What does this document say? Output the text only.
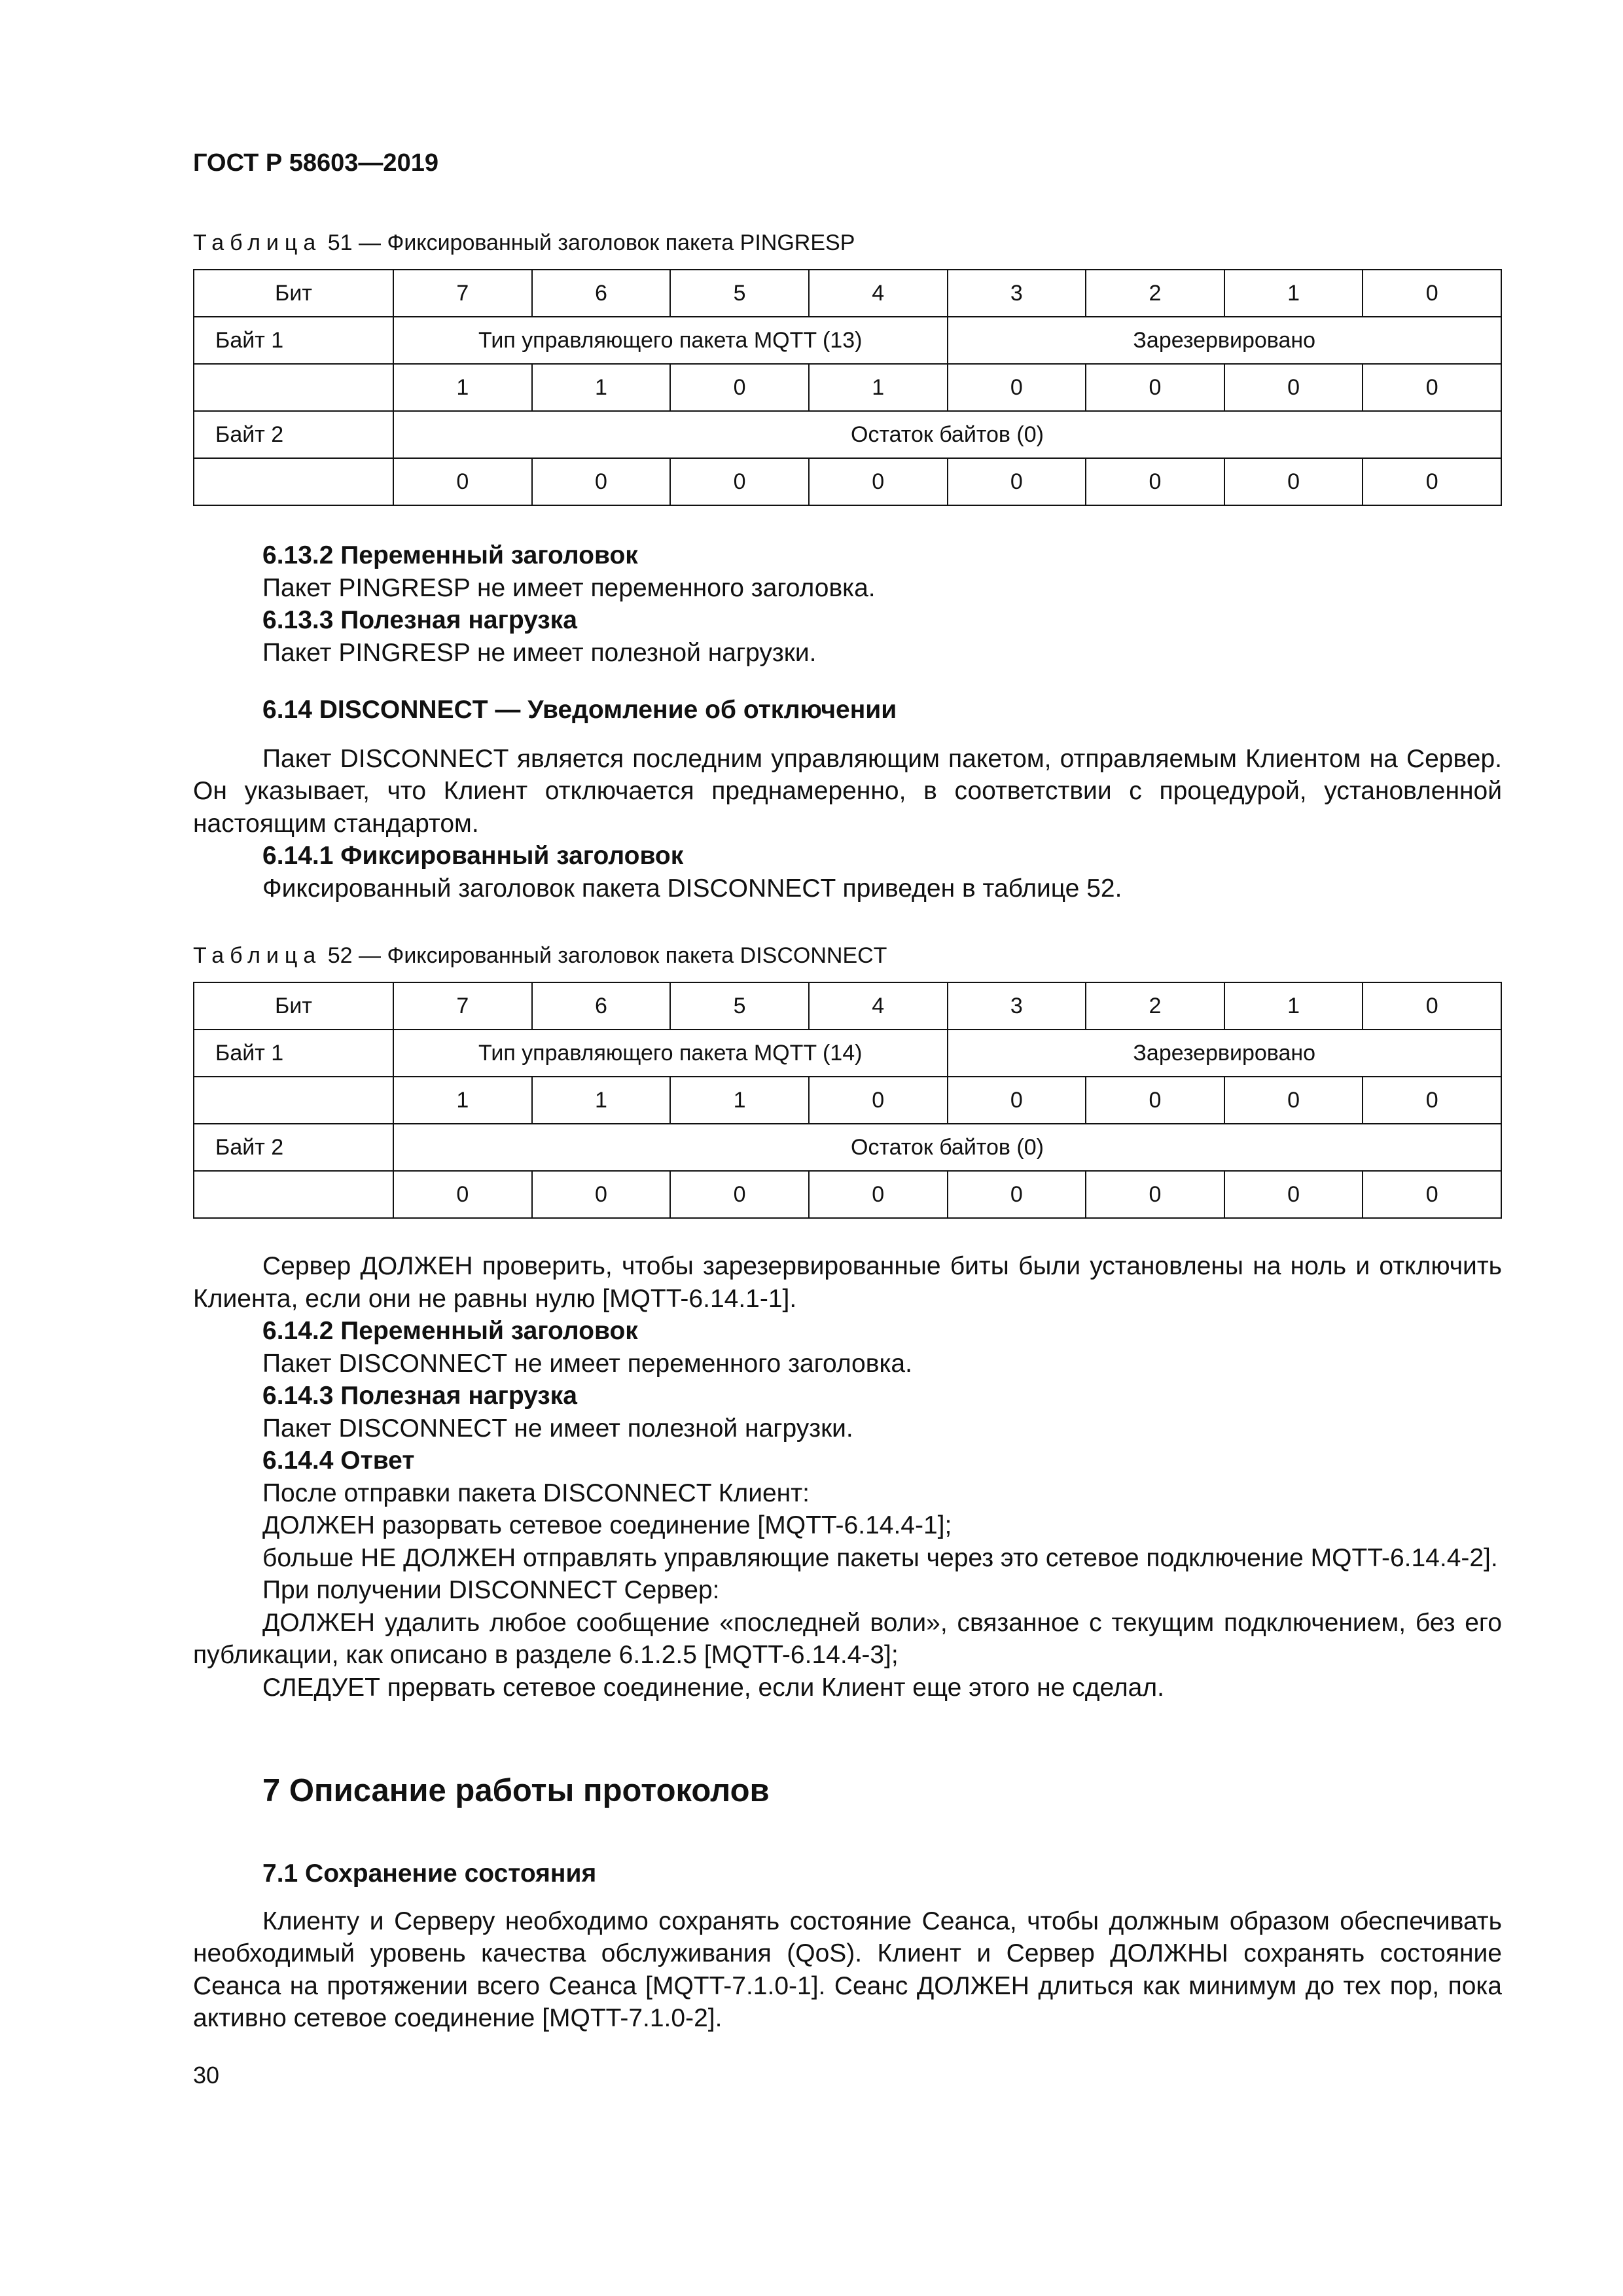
ГОСТ Р 58603—2019
Таблица 51 — Фиксированный заголовок пакета PINGRESP
Бит	7	6	5	4	3	2	1	0
Байт 1	Тип управляющего пакета MQTT (13)				Зарезервировано			
	1	1	0	1	0	0	0	0
Байт 2	Остаток байтов (0)							
	0	0	0	0	0	0	0	0

6.13.2 Переменный заголовок

Пакет PINGRESP не имеет переменного заголовка.

6.13.3 Полезная нагрузка

Пакет PINGRESP не имеет полезной нагрузки.

6.14 DISCONNECT — Уведомление об отключении

Пакет DISCONNECT является последним управляющим пакетом, отправляемым Клиентом на Сервер. Он указывает, что Клиент отключается преднамеренно, в соответствии с процедурой, установленной настоящим стандартом.

6.14.1 Фиксированный заголовок

Фиксированный заголовок пакета DISCONNECT приведен в таблице 52.

Таблица 52 — Фиксированный заголовок пакета DISCONNECT
Бит	7	6	5	4	3	2	1	0
Байт 1	Тип управляющего пакета MQTT (14)				Зарезервировано			
	1	1	1	0	0	0	0	0
Байт 2	Остаток байтов (0)							
	0	0	0	0	0	0	0	0

Сервер ДОЛЖЕН проверить, чтобы зарезервированные биты были установлены на ноль и отключить Клиента, если они не равны нулю [MQTT-6.14.1-1].

6.14.2 Переменный заголовок

Пакет DISCONNECT не имеет переменного заголовка.

6.14.3 Полезная нагрузка

Пакет DISCONNECT не имеет полезной нагрузки.

6.14.4 Ответ

После отправки пакета DISCONNECT Клиент:

ДОЛЖЕН разорвать сетевое соединение [MQTT-6.14.4-1];

больше НЕ ДОЛЖЕН отправлять управляющие пакеты через это сетевое подключение MQTT-6.14.4-2].

При получении DISCONNECT Сервер:

ДОЛЖЕН удалить любое сообщение «последней воли», связанное с текущим подключением, без его публикации, как описано в разделе 6.1.2.5 [MQTT-6.14.4-3];

СЛЕДУЕТ прервать сетевое соединение, если Клиент еще этого не сделал.

7 Описание работы протоколов

7.1 Сохранение состояния

Клиенту и Серверу необходимо сохранять состояние Сеанса, чтобы должным образом обеспечивать необходимый уровень качества обслуживания (QoS). Клиент и Сервер ДОЛЖНЫ сохранять состояние Сеанса на протяжении всего Сеанса [MQTT-7.1.0-1]. Сеанс ДОЛЖЕН длиться как минимум до тех пор, пока активно сетевое соединение [MQTT-7.1.0-2].

30
